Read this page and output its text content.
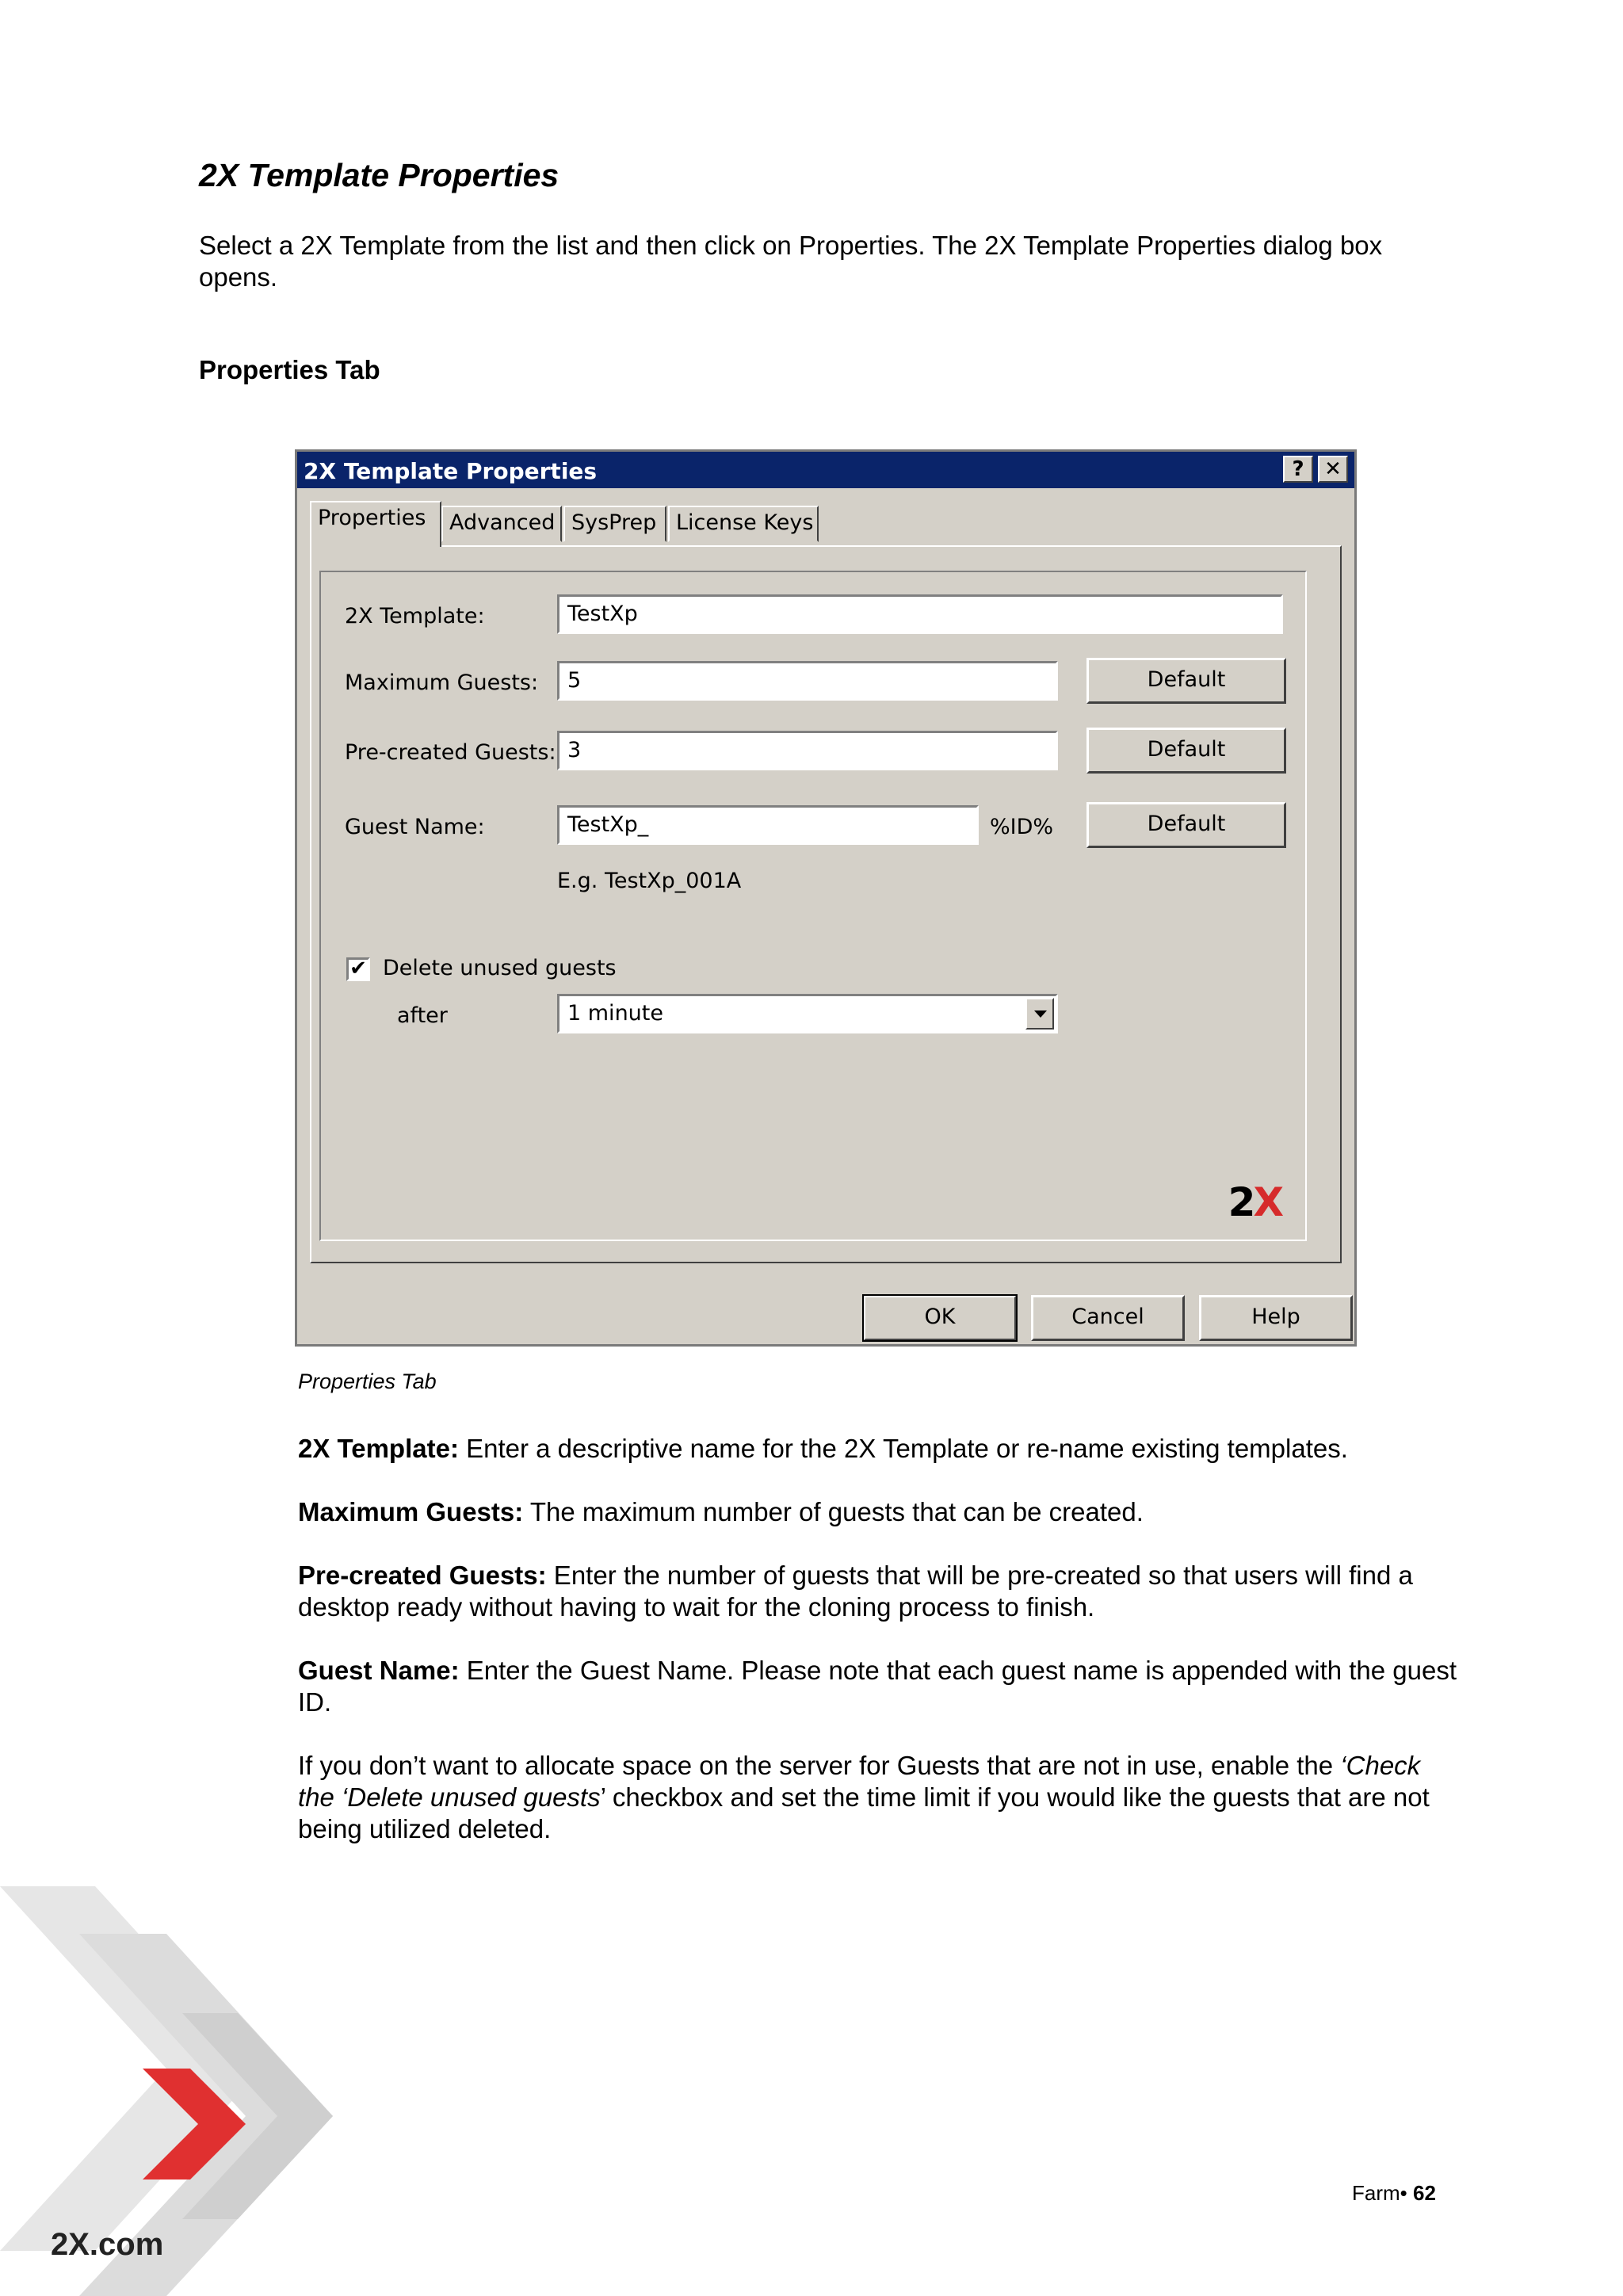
2X Template Properties
Select a 2X Template from the list and then click on Properties. The 2X Template Properties dialog box opens.
Properties Tab
2X Template Properties	? ✕
Properties	Advanced SysPrep License Keys
2X Template:	TestXp
Maximum Guests:	5	Default
Pre-created Guests: 3	Default
Guest Name:	TestXp_	%ID%	Default
E.g. TestXp_001A
✔ Delete unused guests
after	1 minute
2X
OK	Cancel	Help
Properties Tab
2X Template: Enter a descriptive name for the 2X Template or re-name existing templates.
Maximum Guests: The maximum number of guests that can be created.
Pre-created Guests: Enter the number of guests that will be pre-created so that users will find a desktop ready without having to wait for the cloning process to finish.
Guest Name: Enter the Guest Name. Please note that each guest name is appended with the guest ID.
If you don’t want to allocate space on the server for Guests that are not in use, enable the ‘Check the ‘Delete unused guests’ checkbox and set the time limit if you would like the guests that are not being utilized deleted.
2X.com
Farm• 62
